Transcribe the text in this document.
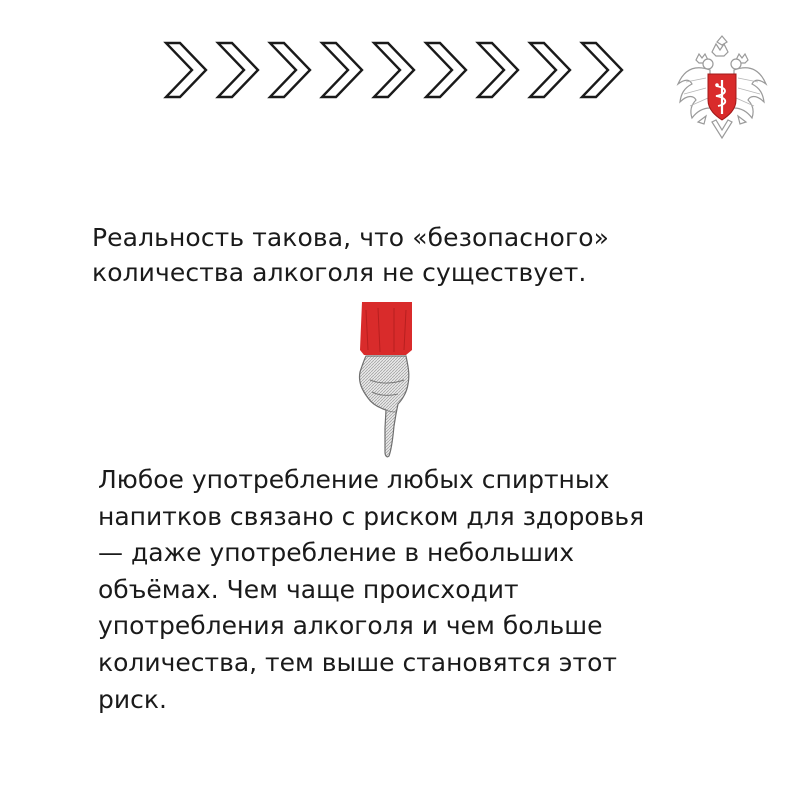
Реальность такова, что «безопасного»
количества алкоголя не существует.
Любое употребление любых спиртных
напитков связано с риском для здоровья
— даже употребление в небольших
объёмах. Чем чаще происходит
употребления алкоголя и чем больше
количества, тем выше становятся этот
риск.
